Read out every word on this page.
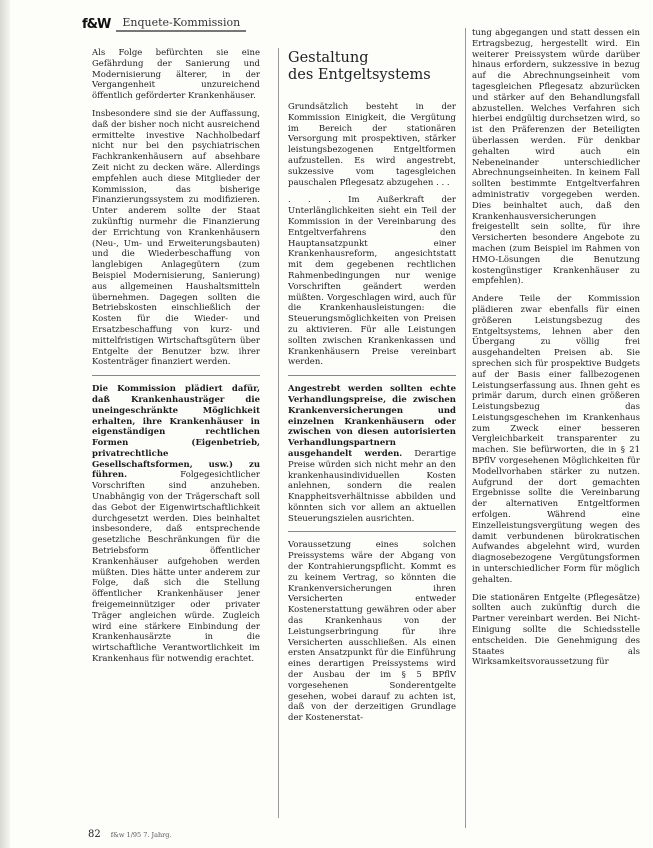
f&W	Enquete-Kommission

Als Folge befürchten sie eine Gefährdung der Sanierung und Modernisierung älterer, in der Vergangenheit unzureichend öffentlich geförderter Krankenhäuser.

Insbesondere sind sie der Auffassung, daß der bisher noch nicht ausreichend ermittelte investive Nachholbedarf nicht nur bei den psychiatrischen Fachkrankenhäusern auf absehbare Zeit nicht zu decken wäre. Allerdings empfehlen auch diese Mitglieder der Kommission, das bisherige Finanzierungssystem zu modifizieren. Unter anderem sollte der Staat zukünftig nurmehr die Finanzierung der Errichtung von Krankenhäusern (Neu-, Um- und Erweiterungsbauten) und die Wiederbeschaffung von langlebigen Anlagegütern (zum Beispiel Modernisierung, Sanierung) aus allgemeinen Haushaltsmitteln übernehmen. Dagegen sollten die Betriebskosten einschließlich der Kosten für die Wieder- und Ersatzbeschaffung von kurz- und mittelfristigen Wirtschaftsgütern über Entgelte der Benutzer bzw. ihrer Kostenträger finanziert werden.

Die Kommission plädiert dafür, daß Krankenhausträger die uneingeschränkte Möglichkeit erhalten, ihre Krankenhäuser in eigenständigen rechtlichen Formen (Eigenbetrieb, privatrechtliche Gesellschaftsformen, usw.) zu führen. Folgegesichtlicher Vorschriften sind anzuheben. Unabhängig von der Trägerschaft soll das Gebot der Eigenwirtschaftlichkeit durchgesetzt werden. Dies beinhaltet insbesondere, daß entsprechende gesetzliche Beschränkungen für die Betriebsform öffentlicher Krankenhäuser aufgehoben werden müßten. Dies hätte unter anderem zur Folge, daß sich die Stellung öffentlicher Krankenhäuser jener freigemeinnütziger oder privater Träger angleichen würde. Zugleich wird eine stärkere Einbindung der Krankenhausärzte in die wirtschaftliche Verantwortlichkeit im Krankenhaus für notwendig erachtet.

Gestaltung
des Entgeltsystems

Grundsätzlich besteht in der Kommission Einigkeit, die Vergütung im Bereich der stationären Versorgung mit prospektiven, stärker leistungsbezogenen Entgeltformen aufzustellen. Es wird angestrebt, sukzessive vom tagesgleichen pauschalen Pflegesatz abzugehen . . .

. . . Im Außerkraft der Unterlänglichkeiten sieht ein Teil der Kommission in der Vereinbarung des Entgeltverfahrens den Hauptansatzpunkt einer Krankenhausreform, angesichtstatt mit dem gegebenen rechtlichen Rahmenbedingungen nur wenige Vorschriften geändert werden müßten. Vorgeschlagen wird, auch für die Krankenhausleistungen: die Steuerungsmöglichkeiten von Preisen zu aktivieren. Für alle Leistungen sollten zwischen Krankenkassen und Krankenhäusern Preise vereinbart werden.

Angestrebt werden sollten echte Verhandlungspreise, die zwischen Krankenversicherungen und einzelnen Krankenhäusern oder zwischen von diesen autorisierten Verhandlungspartnern ausgehandelt werden. Derartige Preise würden sich nicht mehr an den krankenhausindividuellen Kosten anlehnen, sondern die realen Knappheitsverhältnisse abbilden und könnten sich vor allem an aktuellen Steuerungszielen ausrichten.

Voraussetzung eines solchen Preissystems wäre der Abgang von der Kontrahierungspflicht. Kommt es zu keinem Vertrag, so könnten die Krankenversicherungen ihren Versicherten entweder Kostenerstattung gewähren oder aber das Krankenhaus von der Leistungserbringung für ihre Versicherten ausschließen. Als einen ersten Ansatzpunkt für die Einführung eines derartigen Preissystems wird der Ausbau der im § 5 BPflV vorgesehenen Sonderentgelte gesehen, wobei darauf zu achten ist, daß von der derzeitigen Grundlage der Kostenerstat-

tung abgegangen und statt dessen ein Ertragsbezug, hergestellt wird. Ein weiterer Preissystem würde darüber hinaus erfordern, sukzessive in bezug auf die Abrechnungseinheit vom tagesgleichen Pflegesatz abzurücken und stärker auf den Behandlungsfall abzustellen. Welches Verfahren sich hierbei endgültig durchsetzen wird, so ist den Präferenzen der Beteiligten überlassen werden. Für denkbar gehalten wird auch ein Nebeneinander unterschiedlicher Abrechnungseinheiten. In keinem Fall sollten bestimmte Entgeltverfahren administrativ vorgegeben werden. Dies beinhaltet auch, daß den Krankenhausversicherungen freigestellt sein sollte, für ihre Versicherten besondere Angebote zu machen (zum Beispiel im Rahmen von HMO-Lösungen die Benutzung kostengünstiger Krankenhäuser zu empfehlen).

Andere Teile der Kommission plädieren zwar ebenfalls für einen größeren Leistungsbezug des Entgeltsystems, lehnen aber den Übergang zu völlig frei ausgehandelten Preisen ab. Sie sprechen sich für prospektive Budgets auf der Basis einer fallbezogenen Leistungserfassung aus. Ihnen geht es primär darum, durch einen größeren Leistungsbezug das Leistungsgeschehen im Krankenhaus zum Zweck einer besseren Vergleichbarkeit transparenter zu machen. Sie befürworten, die in § 21 BPflV vorgesehenen Möglichkeiten für Modellvorhaben stärker zu nutzen. Aufgrund der dort gemachten Ergebnisse sollte die Vereinbarung der alternativen Entgeltformen erfolgen. Während eine Einzelleistungsvergütung wegen des damit verbundenen bürokratischen Aufwandes abgelehnt wird, wurden diagnosebezogene Vergütungsformen in unterschiedlicher Form für möglich gehalten.

Die stationären Entgelte (Pflegesätze) sollten auch zukünftig durch die Partner vereinbart werden. Bei Nicht-Einigung sollte die Schiedsstelle entscheiden. Die Genehmigung des Staates als Wirksamkeitsvoraussetzung für

82 f&w 1/95 7. Jahrg.
